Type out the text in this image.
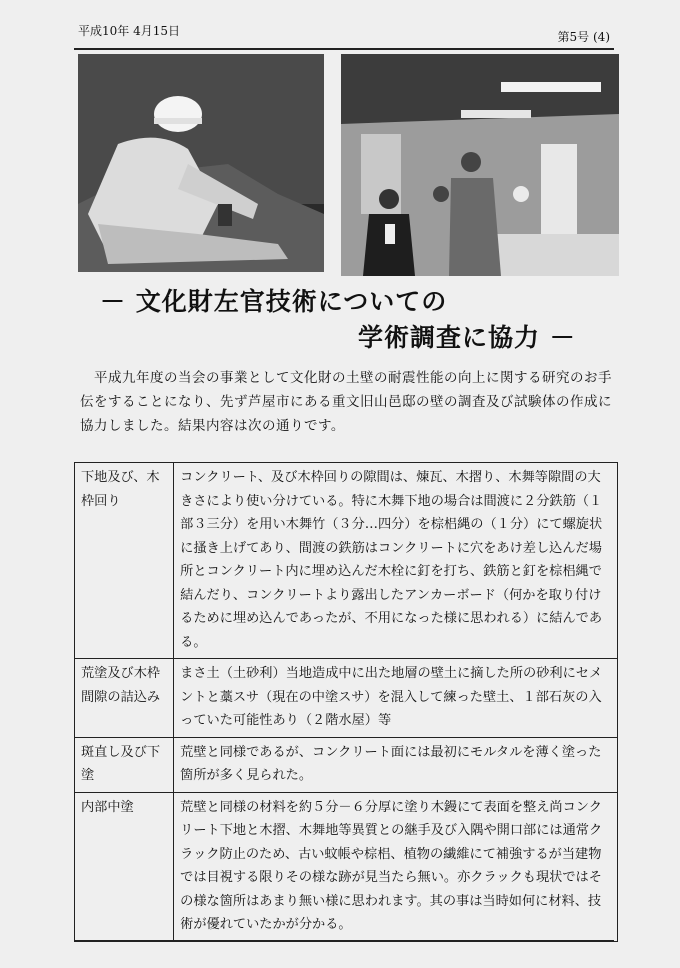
平成10年 4月15日	第5号 (4)
－ 文化財左官技術についての
学術調査に協力 －

平成九年度の当会の事業として文化財の土壁の耐震性能の向上に関する研究のお手伝をすることになり、先ず芦屋市にある重文旧山邑邸の壁の調査及び試験体の作成に協力しました。結果内容は次の通りです。

下地及び、木枠回り	コンクリート、及び木枠回りの隙間は、煉瓦、木摺り、木舞等隙間の大きさにより使い分けている。特に木舞下地の場合は間渡に２分鉄筋（１部３三分）を用い木舞竹（３分…四分）を棕梠縄の（１分）にて螺旋状に搔き上げてあり、間渡の鉄筋はコンクリートに穴をあけ差し込んだ場所とコンクリート内に埋め込んだ木栓に釘を打ち、鉄筋と釘を棕梠縄で結んだり、コンクリートより露出したアンカーボード（何かを取り付けるために埋め込んであったが、不用になった様に思われる）に結んである。
荒塗及び木枠間隙の詰込み	まさ土（土砂利）当地造成中に出た地層の壁土に摘した所の砂利にセメントと藁スサ（現在の中塗スサ）を混入して練った壁土、１部石灰の入っていた可能性あり（２階水屋）等
斑直し及び下塗	荒壁と同様であるが、コンクリート面には最初にモルタルを薄く塗った箇所が多く見られた。
内部中塗	荒壁と同様の材料を約５分－６分厚に塗り木鏝にて表面を整え尚コンクリート下地と木摺、木舞地等異質との継手及び入隅や開口部には通常クラック防止のため、古い蚊帳や棕梠、植物の繊維にて補強するが当建物では目視する限りその様な跡が見当たら無い。亦クラックも現状ではその様な箇所はあまり無い様に思われます。其の事は当時如何に材料、技術が優れていたかが分かる。
